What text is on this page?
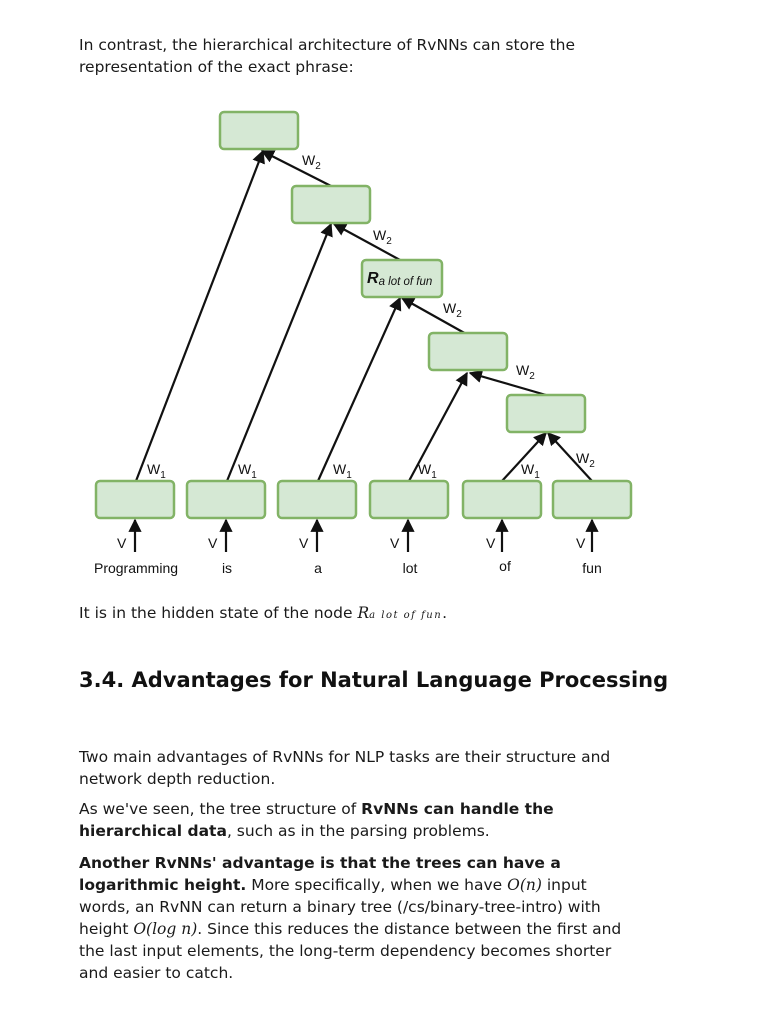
In contrast, the hierarchical architecture of RvNNs can store the representation of the exact phrase:

$W_1$	$W_1$	$W_1$	$W_1$	$W_1$
$W_2$
$W_2$
$W_2$
$W_2$
$W_2$
Ra lot of fun
V	V	V	V	V	V
Programming	is	a	lot	of	fun

It is in the hidden state of the node Ra lot of fun.

3.4. Advantages for Natural Language Processing

Two main advantages of RvNNs for NLP tasks are their structure and network depth reduction.

As we've seen, the tree structure of RvNNs can handle the hierarchical data, such as in the parsing problems.

Another RvNNs' advantage is that the trees can have a logarithmic height. More specifically, when we have O(n) input words, an RvNN can return a binary tree (/cs/binary-tree-intro) with height O(log n). Since this reduces the distance between the first and the last input elements, the long-term dependency becomes shorter and easier to catch.
